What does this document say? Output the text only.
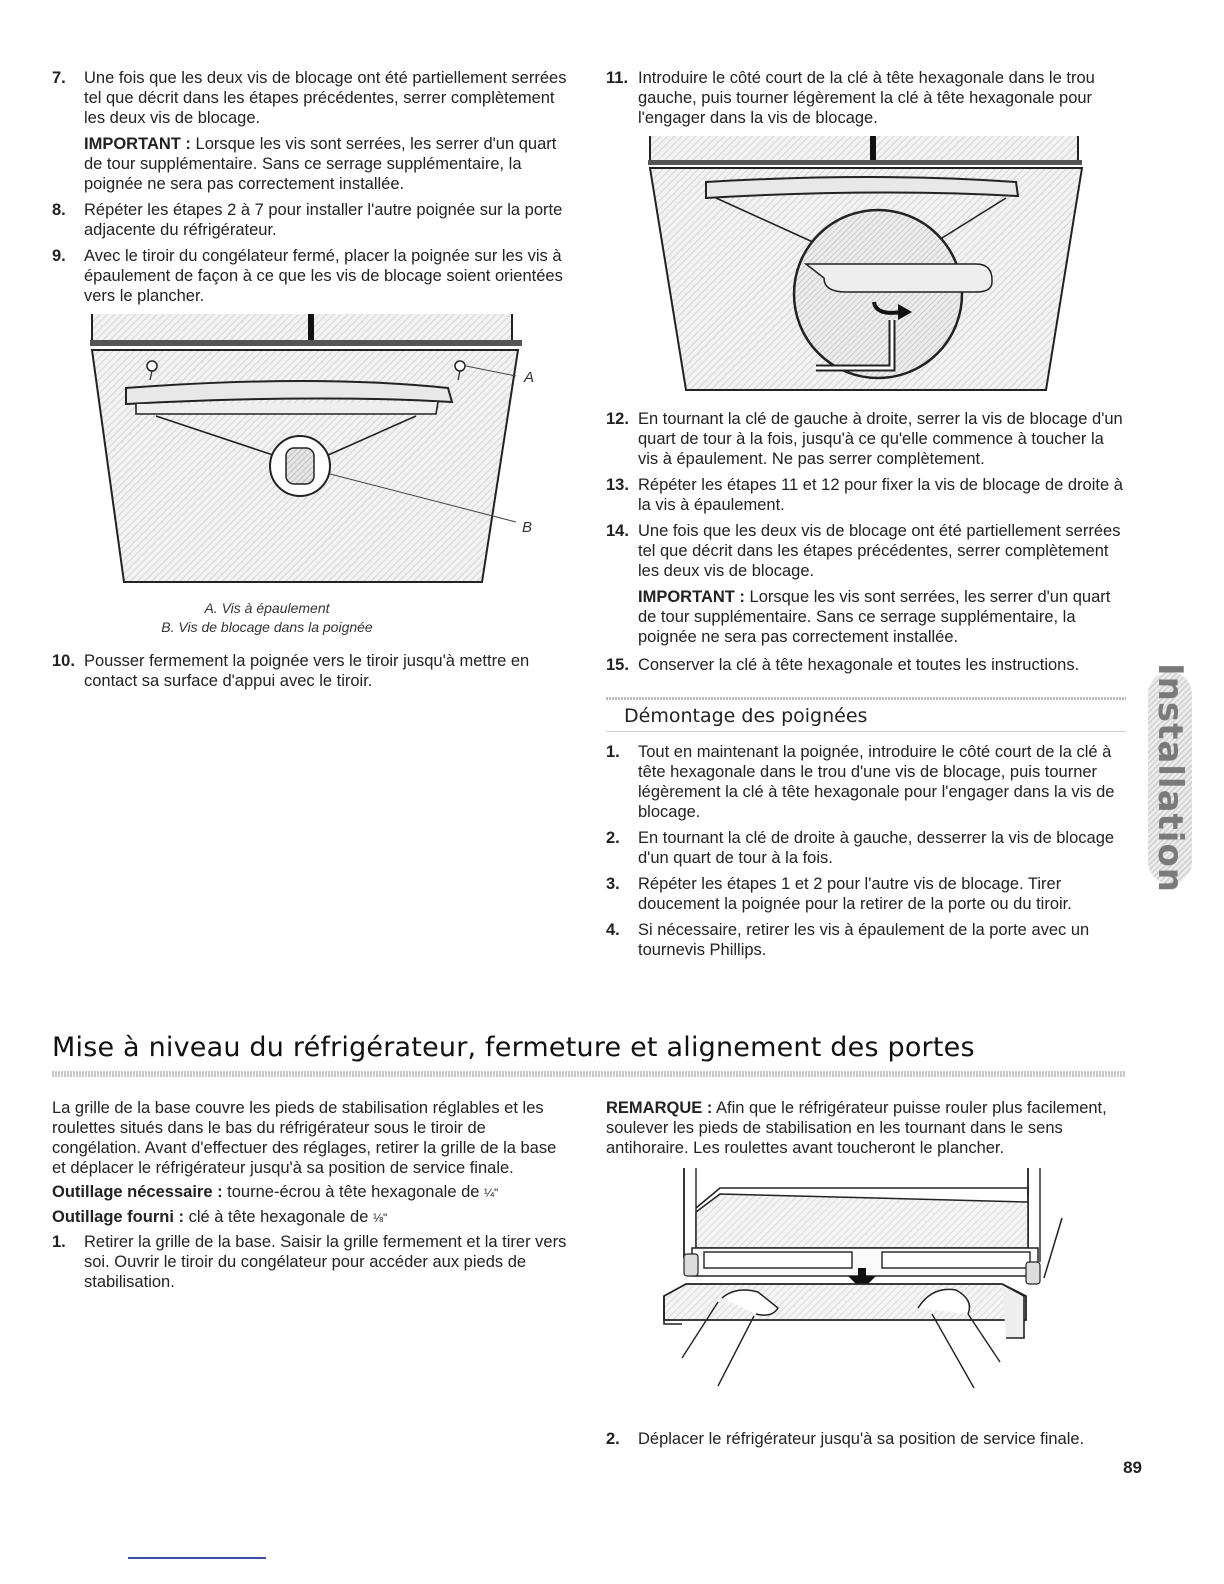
7.	Une fois que les deux vis de blocage ont été partiellement serrées tel que décrit dans les étapes précédentes, serrer complètement les deux vis de blocage.
IMPORTANT : Lorsque les vis sont serrées, les serrer d'un quart de tour supplémentaire. Sans ce serrage supplémentaire, la poignée ne sera pas correctement installée.
8.	Répéter les étapes 2 à 7 pour installer l'autre poignée sur la porte adjacente du réfrigérateur.
9.	Avec le tiroir du congélateur fermé, placer la poignée sur les vis à épaulement de façon à ce que les vis de blocage soient orientées vers le plancher.
A
B
A. Vis à épaulement
B. Vis de blocage dans la poignée
10. Pousser fermement la poignée vers le tiroir jusqu'à mettre en contact sa surface d'appui avec le tiroir.
11. Introduire le côté court de la clé à tête hexagonale dans le trou gauche, puis tourner légèrement la clé à tête hexagonale pour l'engager dans la vis de blocage.
12. En tournant la clé de gauche à droite, serrer la vis de blocage d'un quart de tour à la fois, jusqu'à ce qu'elle commence à toucher la vis à épaulement. Ne pas serrer complètement.
13. Répéter les étapes 11 et 12 pour fixer la vis de blocage de droite à la vis à épaulement.
14. Une fois que les deux vis de blocage ont été partiellement serrées tel que décrit dans les étapes précédentes, serrer complètement les deux vis de blocage.
IMPORTANT : Lorsque les vis sont serrées, les serrer d'un quart de tour supplémentaire. Sans ce serrage supplémentaire, la poignée ne sera pas correctement installée.
15. Conserver la clé à tête hexagonale et toutes les instructions.
Démontage des poignées
1.	Tout en maintenant la poignée, introduire le côté court de la clé à tête hexagonale dans le trou d'une vis de blocage, puis tourner légèrement la clé à tête hexagonale pour l'engager dans la vis de blocage.
2.	En tournant la clé de droite à gauche, desserrer la vis de blocage d'un quart de tour à la fois.
3.	Répéter les étapes 1 et 2 pour l'autre vis de blocage. Tirer doucement la poignée pour la retirer de la porte ou du tiroir.
4.	Si nécessaire, retirer les vis à épaulement de la porte avec un tournevis Phillips.
Installation
Mise à niveau du réfrigérateur, fermeture et alignement des portes
La grille de la base couvre les pieds de stabilisation réglables et les roulettes situés dans le bas du réfrigérateur sous le tiroir de congélation. Avant d'effectuer des réglages, retirer la grille de la base et déplacer le réfrigérateur jusqu'à sa position de service finale.
Outillage nécessaire : tourne-écrou à tête hexagonale de ¼"
Outillage fourni : clé à tête hexagonale de ⅛"
1.	Retirer la grille de la base. Saisir la grille fermement et la tirer vers soi. Ouvrir le tiroir du congélateur pour accéder aux pieds de stabilisation.
REMARQUE : Afin que le réfrigérateur puisse rouler plus facilement, soulever les pieds de stabilisation en les tournant dans le sens antihoraire. Les roulettes avant toucheront le plancher.
2.	Déplacer le réfrigérateur jusqu'à sa position de service finale.
89
